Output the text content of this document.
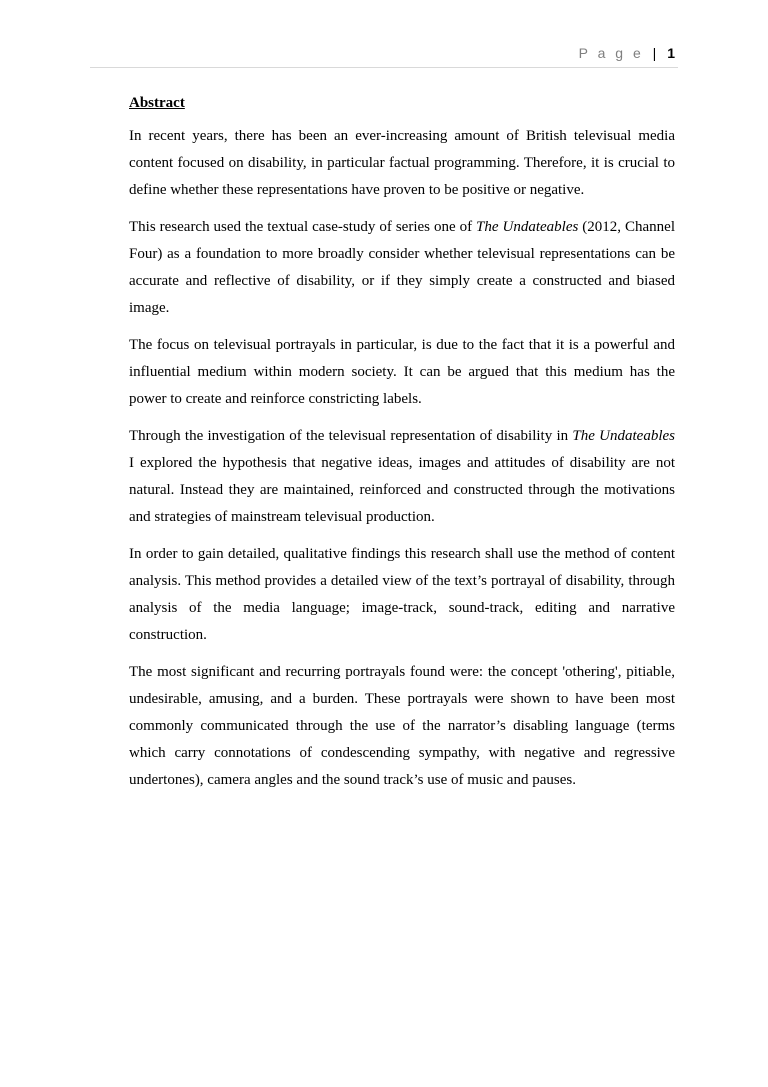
P a g e | 1
Abstract

In recent years, there has been an ever-increasing amount of British televisual media content focused on disability, in particular factual programming. Therefore, it is crucial to define whether these representations have proven to be positive or negative.

This research used the textual case-study of series one of The Undateables (2012, Channel Four) as a foundation to more broadly consider whether televisual representations can be accurate and reflective of disability, or if they simply create a constructed and biased image.

The focus on televisual portrayals in particular, is due to the fact that it is a powerful and influential medium within modern society. It can be argued that this medium has the power to create and reinforce constricting labels.

Through the investigation of the televisual representation of disability in The Undateables I explored the hypothesis that negative ideas, images and attitudes of disability are not natural. Instead they are maintained, reinforced and constructed through the motivations and strategies of mainstream televisual production.

In order to gain detailed, qualitative findings this research shall use the method of content analysis. This method provides a detailed view of the text’s portrayal of disability, through analysis of the media language; image-track, sound-track, editing and narrative construction.

The most significant and recurring portrayals found were: the concept 'othering', pitiable, undesirable, amusing, and a burden. These portrayals were shown to have been most commonly communicated through the use of the narrator’s disabling language (terms which carry connotations of condescending sympathy, with negative and regressive undertones), camera angles and the sound track’s use of music and pauses.
